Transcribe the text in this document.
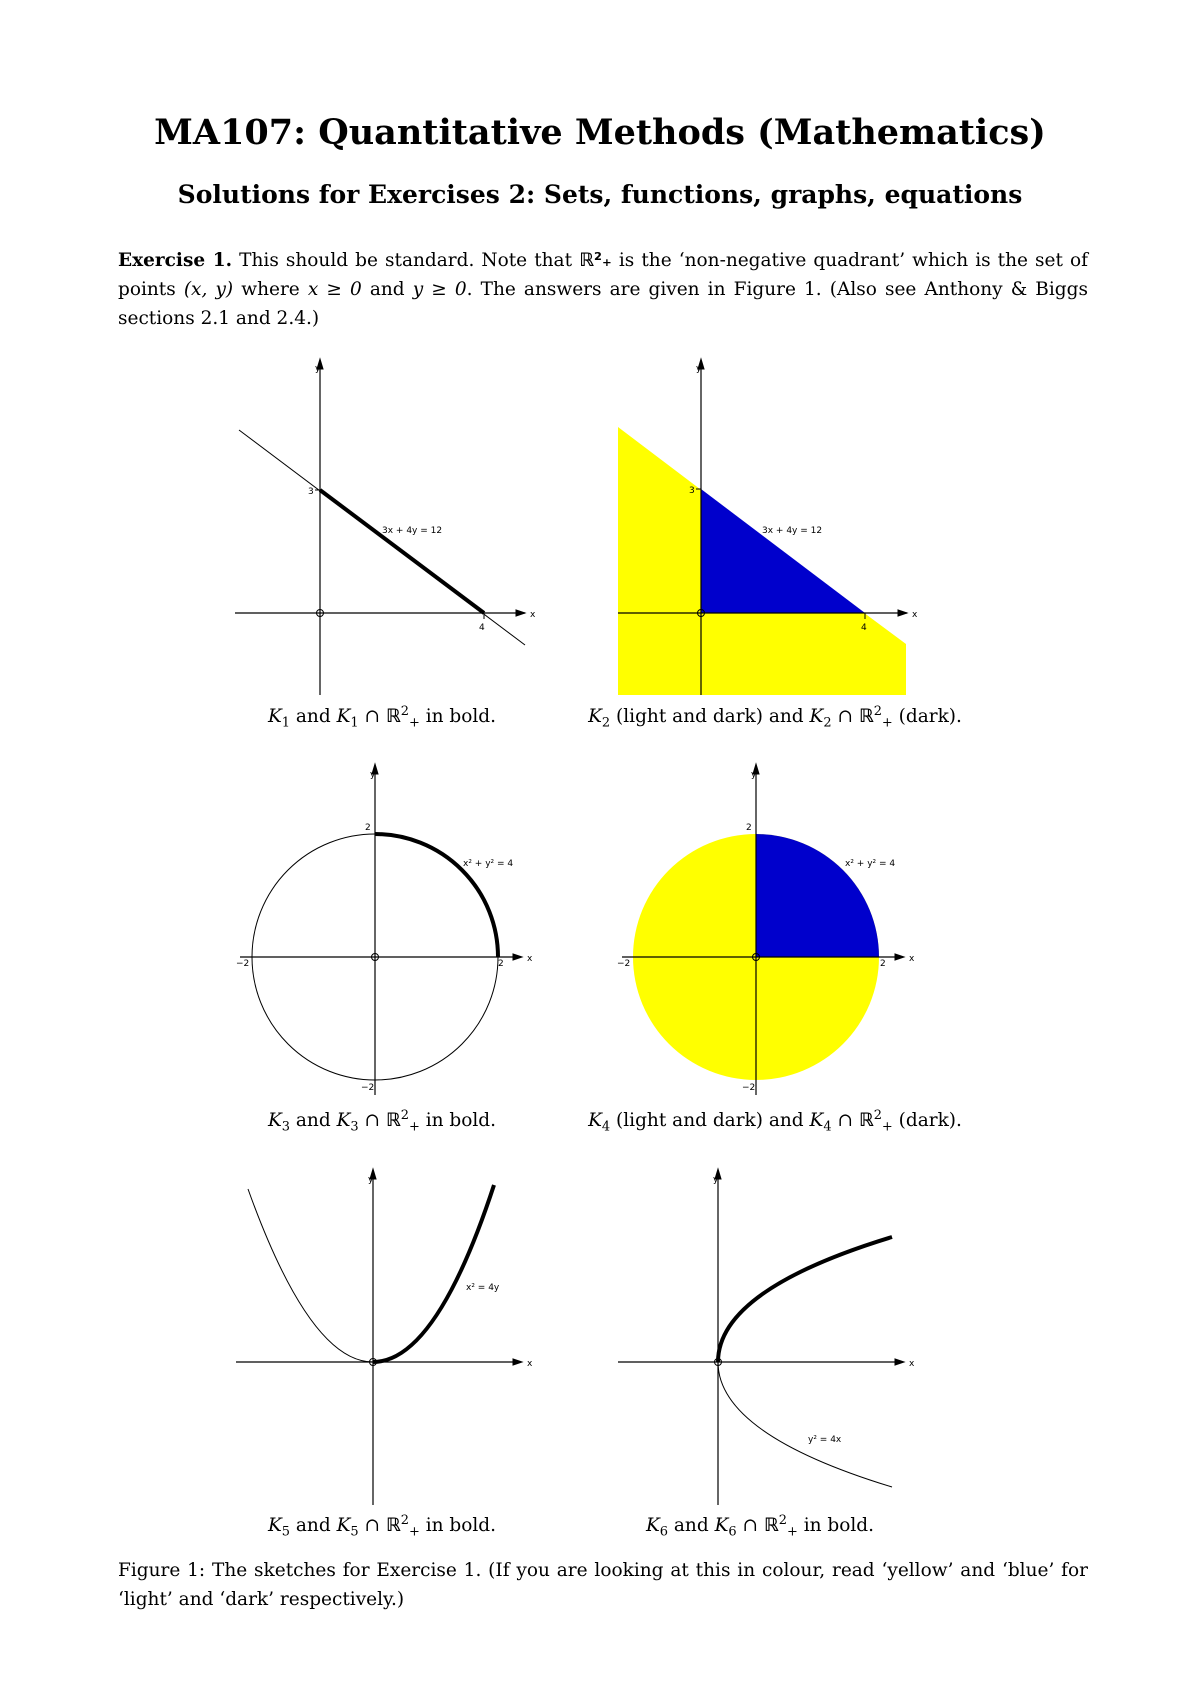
MA107: Quantitative Methods (Mathematics)
Solutions for Exercises 2: Sets, functions, graphs, equations
Exercise 1. This should be standard. Note that ℝ²₊ is the ‘non-negative quadrant’ which is the set of points (x, y) where x ≥ 0 and y ≥ 0. The answers are given in Figure 1. (Also see Anthony & Biggs sections 2.1 and 2.4.)
y
x
3
4
3x + 4y = 12
$K_1$ and $K_1$ ∩ ℝ$^2_+$ in bold.
y
x
3
4
3x + 4y = 12
$K_2$ (light and dark) and $K_2$ ∩ ℝ$^2_+$ (dark).
y
x
2
−2	2
−2
x² + y² = 4
$K_3$ and $K_3$ ∩ ℝ$^2_+$ in bold.
y
x
2
−2	2
−2
x² + y² = 4
$K_4$ (light and dark) and $K_4$ ∩ ℝ$^2_+$ (dark).
y
x
x² = 4y
$K_5$ and $K_5$ ∩ ℝ$^2_+$ in bold.
y
x
y² = 4x
$K_6$ and $K_6$ ∩ ℝ$^2_+$ in bold.
Figure 1: The sketches for Exercise 1. (If you are looking at this in colour, read ‘yellow’ and ‘blue’ for ‘light’ and ‘dark’ respectively.)
